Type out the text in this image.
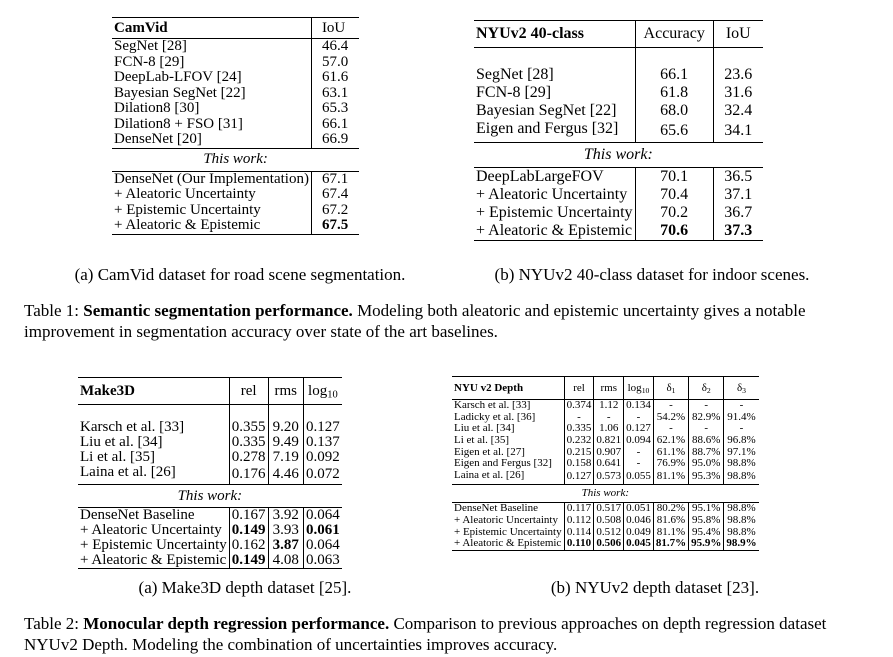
CamVid	IoU
SegNet [28]	46.4
FCN-8 [29]	57.0
DeepLab-LFOV [24]	61.6
Bayesian SegNet [22]	63.1
Dilation8 [30]	65.3
Dilation8 + FSO [31]	66.1
DenseNet [20]	66.9
This work:	
DenseNet (Our Implementation)	67.1
+ Aleatoric Uncertainty	67.4
+ Epistemic Uncertainty	67.2
+ Aleatoric & Epistemic	67.5
(a) CamVid dataset for road scene segmentation.
NYUv2 40-class	Accuracy	IoU

SegNet [28]	66.1	23.6
FCN-8 [29]	61.8	31.6
Bayesian SegNet [22]	68.0	32.4
Eigen and Fergus [32]	65.6	34.1
This work:		
DeepLabLargeFOV	70.1	36.5
+ Aleatoric Uncertainty	70.4	37.1
+ Epistemic Uncertainty	70.2	36.7
+ Aleatoric & Epistemic	70.6	37.3
(b) NYUv2 40-class dataset for indoor scenes.
Table 1: Semantic segmentation performance. Modeling both aleatoric and epistemic uncertainty gives a notable improvement in segmentation accuracy over state of the art baselines.
Make3D	rel	rms	$\log_{10}$

Karsch et al. [33]	0.355	9.20	0.127
Liu et al. [34]	0.335	9.49	0.137
Li et al. [35]	0.278	7.19	0.092
Laina et al. [26]	0.176	4.46	0.072
This work:			
DenseNet Baseline	0.167	3.92	0.064
+ Aleatoric Uncertainty	0.149	3.93	0.061
+ Epistemic Uncertainty	0.162	3.87	0.064
+ Aleatoric & Epistemic	0.149	4.08	0.063
(a) Make3D depth dataset [25].
NYU v2 Depth	rel	rms	$\log_{10}$	$\delta_1$	$\delta_2$	$\delta_3$
Karsch et al. [33]	0.374	1.12	0.134	-	-	-
Ladicky et al. [36]	-	-	-	54.2%	82.9%	91.4%
Liu et al. [34]	0.335	1.06	0.127	-	-	-
Li et al. [35]	0.232	0.821	0.094	62.1%	88.6%	96.8%
Eigen et al. [27]	0.215	0.907	-	61.1%	88.7%	97.1%
Eigen and Fergus [32]	0.158	0.641	-	76.9%	95.0%	98.8%
Laina et al. [26]	0.127	0.573	0.055	81.1%	95.3%	98.8%
This work:						
DenseNet Baseline	0.117	0.517	0.051	80.2%	95.1%	98.8%
+ Aleatoric Uncertainty	0.112	0.508	0.046	81.6%	95.8%	98.8%
+ Epistemic Uncertainty	0.114	0.512	0.049	81.1%	95.4%	98.8%
+ Aleatoric & Epistemic	0.110	0.506	0.045	81.7%	95.9%	98.9%
(b) NYUv2 depth dataset [23].
Table 2: Monocular depth regression performance. Comparison to previous approaches on depth regression dataset NYUv2 Depth. Modeling the combination of uncertainties improves accuracy.
